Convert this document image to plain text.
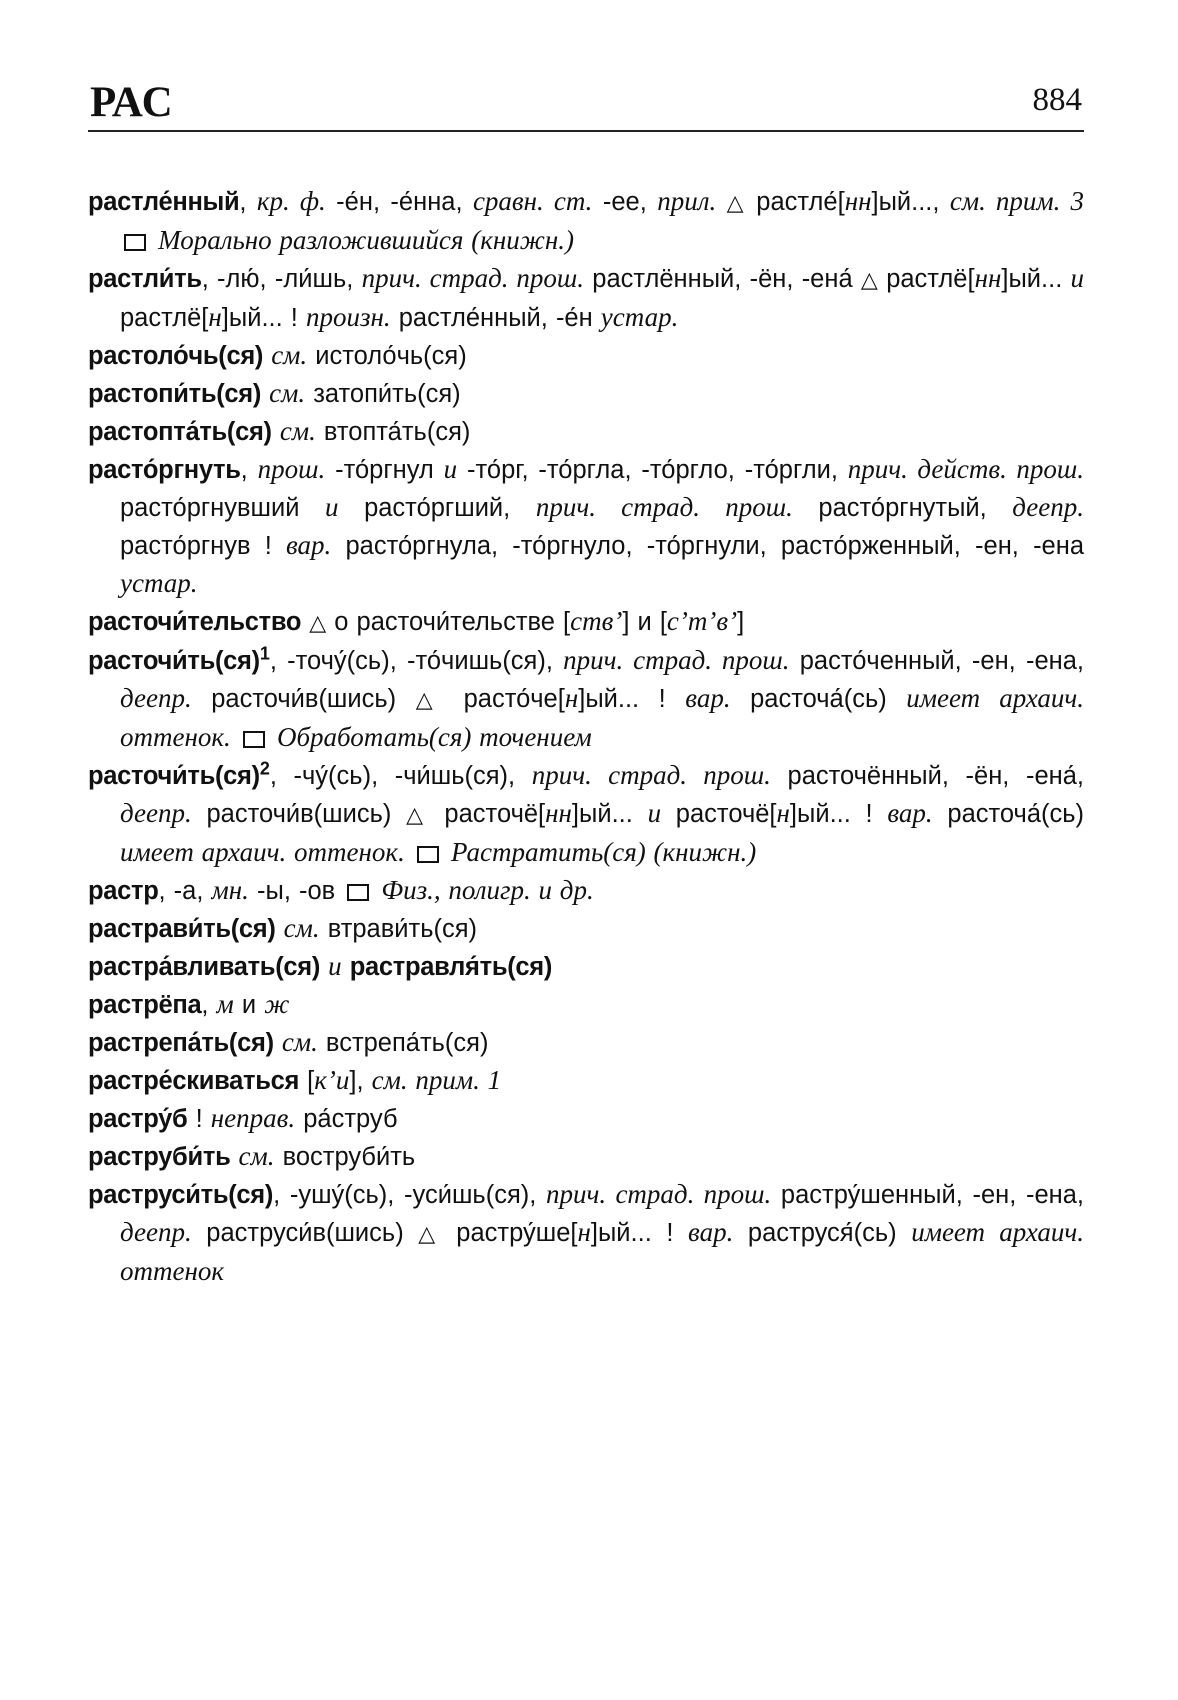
РАС	884

растле́нный, кр. ф. -е́н, -е́нна, сравн. ст. -ее, прил. △ растле́[нн]ый..., см. прим. 3  Морально разложившийся (книжн.)

растли́ть, -лю́, -ли́шь, прич. страд. прош. растлённый, -ён, -ена́ △ растлё[нн]ый... и растлё[н]ый... ! произн. растле́нный, -е́н устар.

растоло́чь(ся) см. истоло́чь(ся)

растопи́ть(ся) см. затопи́ть(ся)

растопта́ть(ся) см. втопта́ть(ся)

расто́ргнуть, прош. -то́ргнул и -то́рг, -то́ргла, -то́ргло, -то́ргли, прич. действ. прош. расто́ргнувший и расто́ргший, прич. страд. прош. расто́ргнутый, деепр. расто́ргнув ! вар. расто́ргнула, -то́ргнуло, -то́ргнули, расто́рженный, -ен, -ена устар.

расточи́тельство △ о расточи́тельстве [ств’] и [с’т’в’]

расточи́ть(ся)$^1$, -точу́(сь), -то́чишь(ся), прич. страд. прош. расто́ченный, -ен, -ена, деепр. расточи́в(шись) △ расто́че[н]ый... ! вар. расточа́(сь) имеет архаич. оттенок. Обработать(ся) точением

расточи́ть(ся)$^2$, -чу́(сь), -чи́шь(ся), прич. страд. прош. расточённый, -ён, -ена́, деепр. расточи́в(шись) △ расточё[нн]ый... и расточё[н]ый... ! вар. расточа́(сь) имеет архаич. оттенок. Растратить(ся) (книжн.)

растр, -а, мн. -ы, -ов  Физ., полигр. и др.

растрави́ть(ся) см. втрави́ть(ся)

растра́вливать(ся) и растравля́ть(ся)

растрёпа, м и ж

растрепа́ть(ся) см. встрепа́ть(ся)

растре́скиваться [к’и], см. прим. 1

растру́б ! неправ. ра́струб

раструби́ть см. воструби́ть

раструси́ть(ся), -ушу́(сь), -уси́шь(ся), прич. страд. прош. растру́шенный, -ен, -ена, деепр. раструси́в(шись) △ растру́ше[н]ый... ! вар. раструся́(сь) имеет архаич. оттенок
